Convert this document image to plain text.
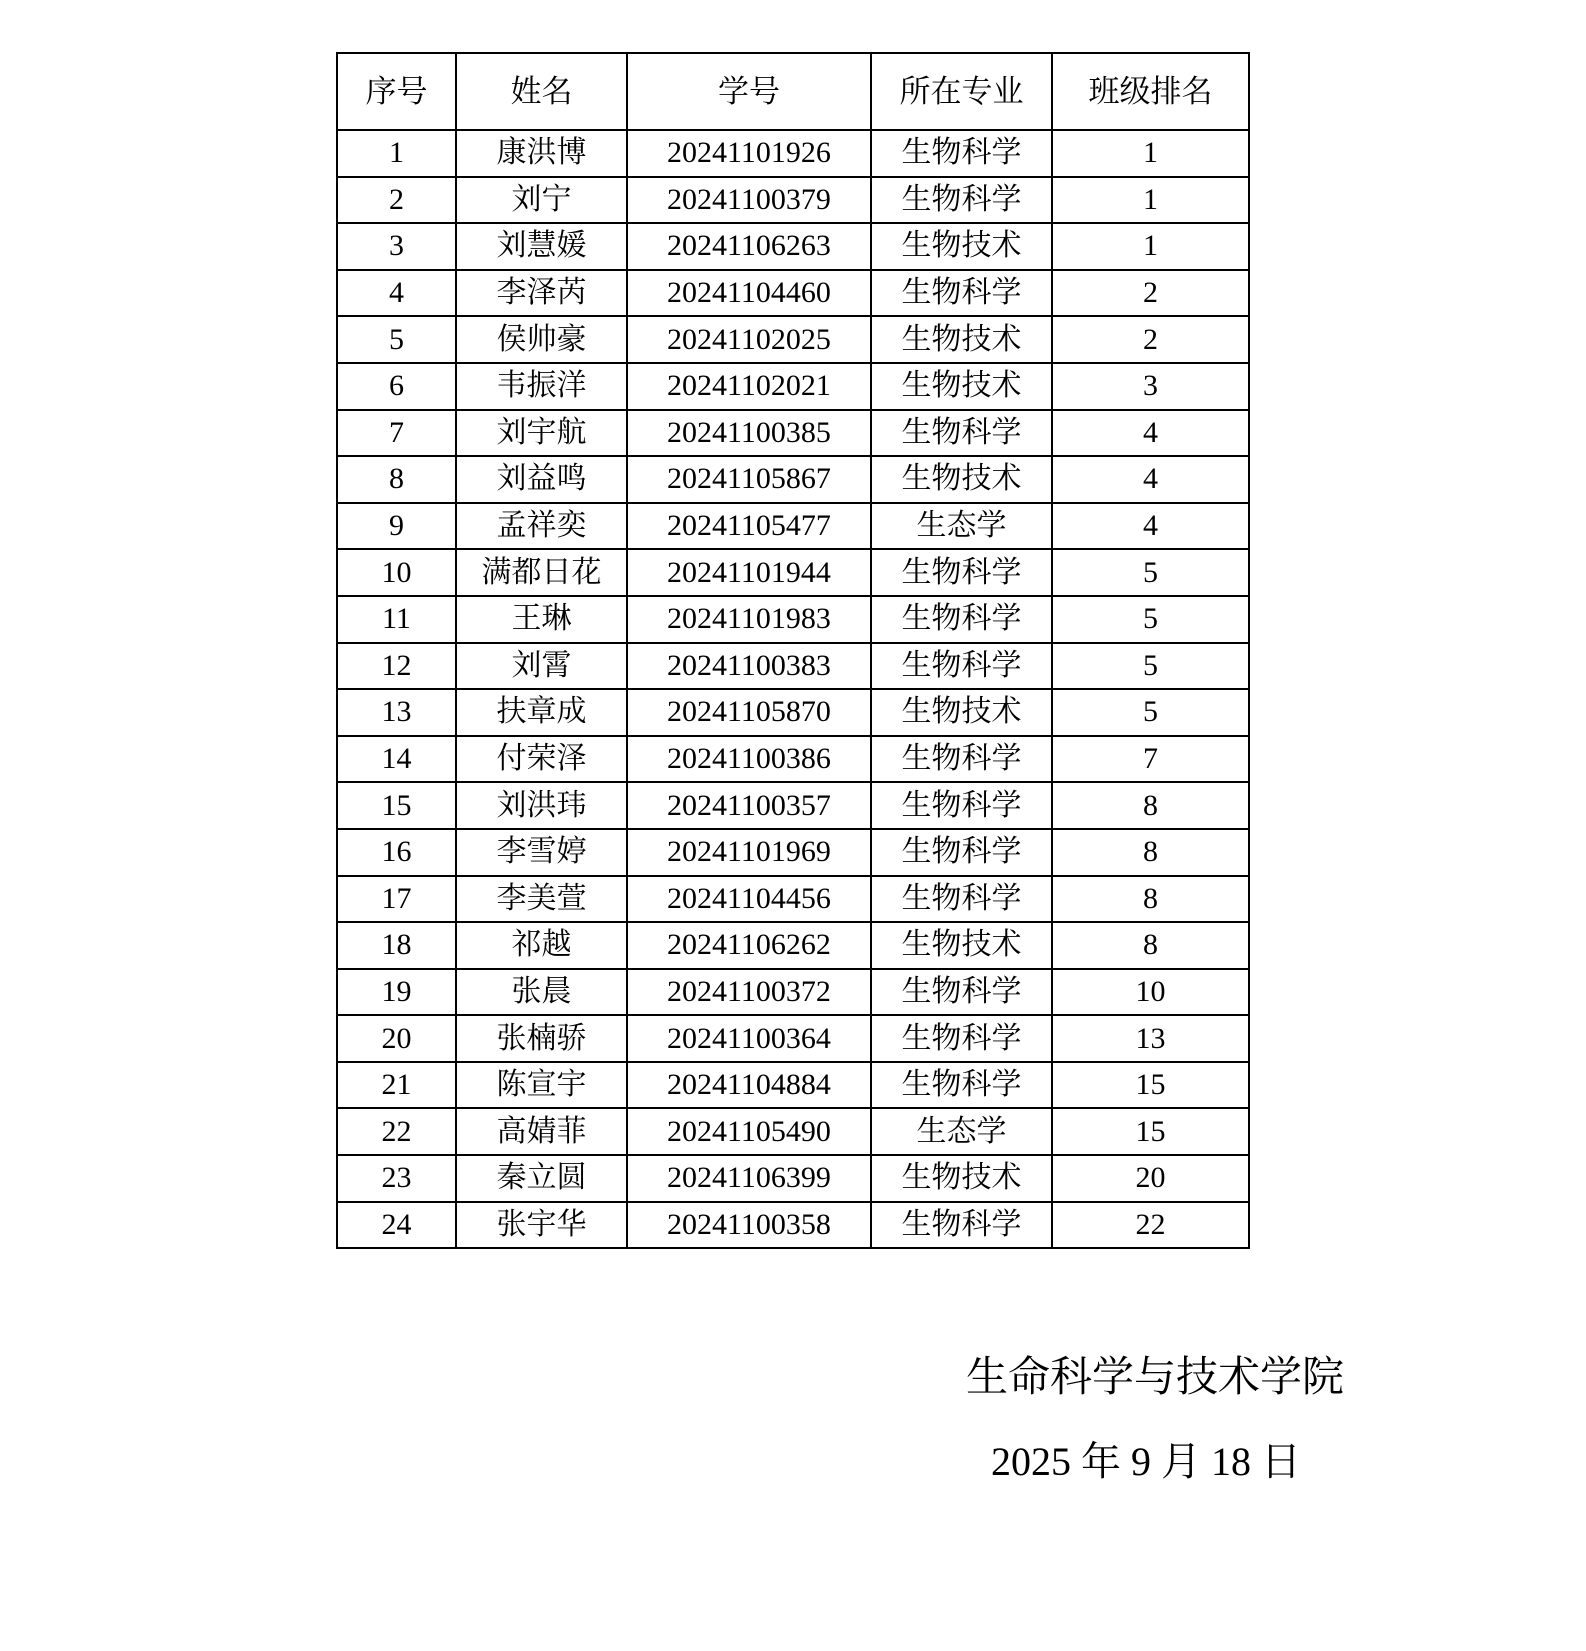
序号	姓名	学号	所在专业	班级排名
1	康洪博	20241101926	生物科学	1
2	刘宁	20241100379	生物科学	1
3	刘慧媛	20241106263	生物技术	1
4	李泽芮	20241104460	生物科学	2
5	侯帅豪	20241102025	生物技术	2
6	韦振洋	20241102021	生物技术	3
7	刘宇航	20241100385	生物科学	4
8	刘益鸣	20241105867	生物技术	4
9	孟祥奕	20241105477	生态学	4
10	满都日花	20241101944	生物科学	5
11	王琳	20241101983	生物科学	5
12	刘霄	20241100383	生物科学	5
13	扶章成	20241105870	生物技术	5
14	付荣泽	20241100386	生物科学	7
15	刘洪玮	20241100357	生物科学	8
16	李雪婷	20241101969	生物科学	8
17	李美萱	20241104456	生物科学	8
18	祁越	20241106262	生物技术	8
19	张晨	20241100372	生物科学	10
20	张楠骄	20241100364	生物科学	13
21	陈宣宇	20241104884	生物科学	15
22	高婧菲	20241105490	生态学	15
23	秦立圆	20241106399	生物技术	20
24	张宇华	20241100358	生物科学	22
生命科学与技术学院
2025 年 9 月 18 日
